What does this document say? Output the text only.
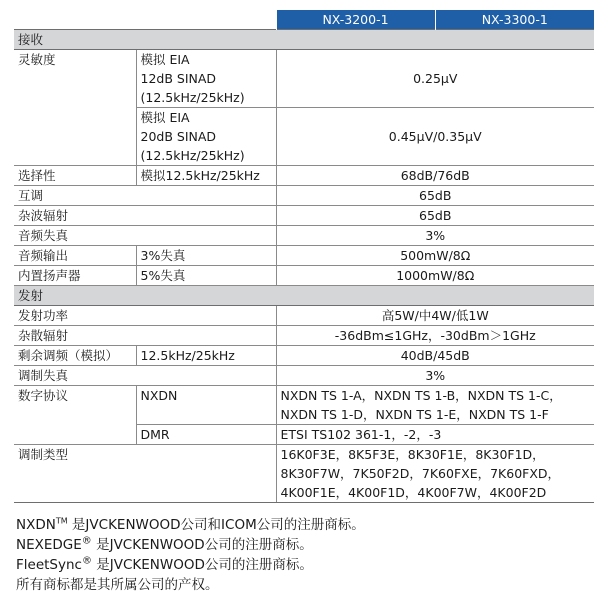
		NX-3200-1	NX-3300-1
接收			
灵敏度	模拟 EIA
12dB SINAD
(12.5kHz/25kHz)	0.25μV	

	模拟 EIA
20dB SINAD
(12.5kHz/25kHz)	0.45μV/0.35μV	
选择性	模拟12.5kHz/25kHz	68dB/76dB	
互调		65dB	
杂波辐射		65dB	
音频失真		3%	
音频输出	3%失真	500mW/8Ω	
内置扬声器	5%失真	1000mW/8Ω	
发射			
发射功率		高5W/中4W/低1W	
杂散辐射		-36dBm≤1GHz，-30dBm＞1GHz	
剩余调频（模拟）	12.5kHz/25kHz	40dB/45dB	
调制失真		3%	
数字协议	NXDN	NXDN TS 1-A，NXDN TS 1-B，NXDN TS 1-C，
NXDN TS 1-D，NXDN TS 1-E，NXDN TS 1-F	

	DMR	ETSI TS102 361-1，-2，-3	
调制类型		16K0F3E，8K5F3E，8K30F1E，8K30F1D，
8K30F7W，7K50F2D，7K60FXE，7K60FXD，
4K00F1E，4K00F1D，4K00F7W，4K00F2D	
NXDN™ 是JVCKENWOOD公司和ICOM公司的注册商标。
NEXEDGE® 是JVCKENWOOD公司的注册商标。
FleetSync® 是JVCKENWOOD公司的注册商标。
所有商标都是其所属公司的产权。
